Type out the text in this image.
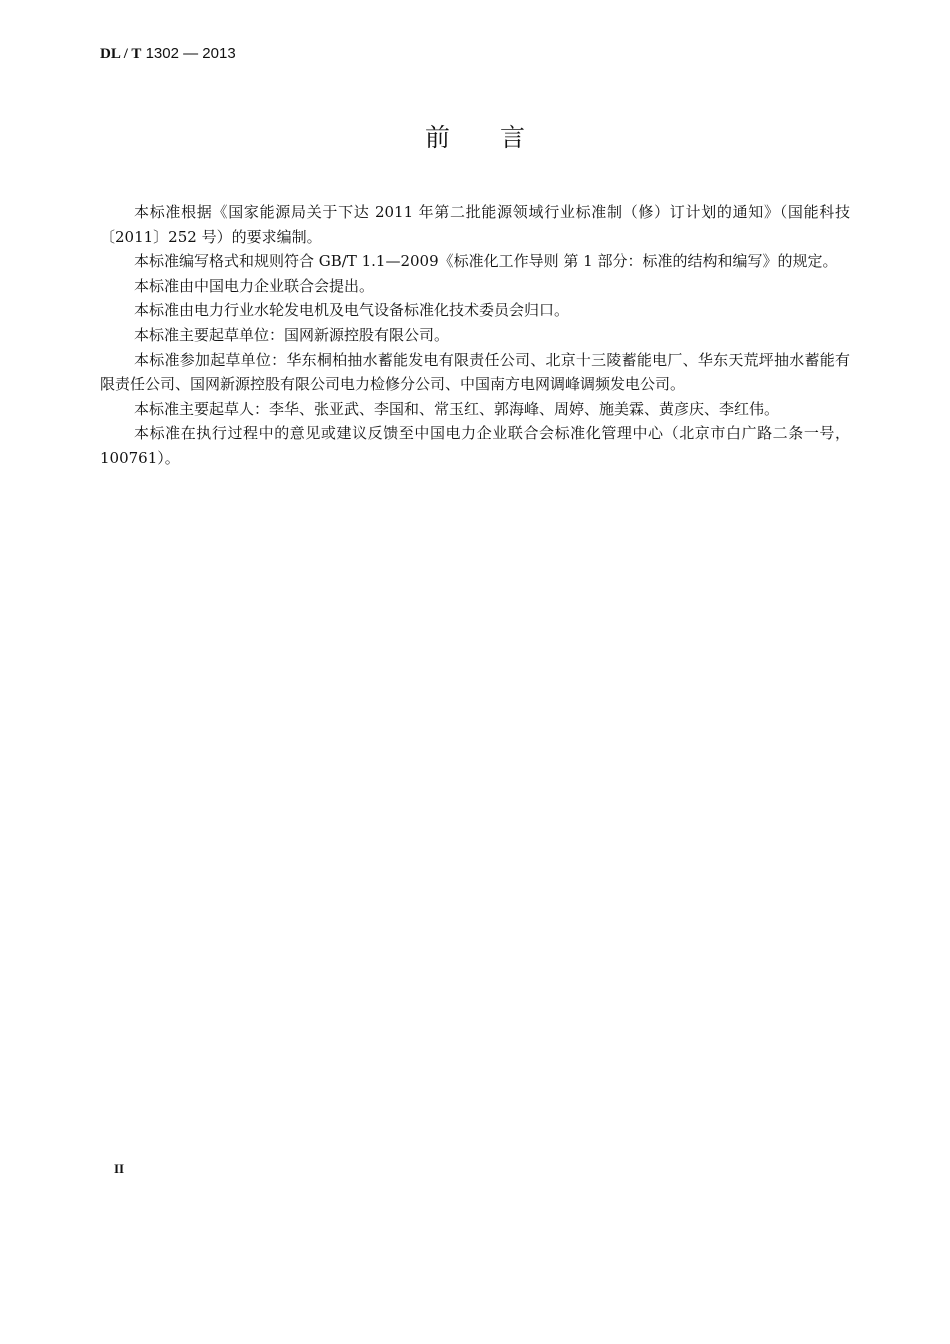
DL / T 1302 — 2013
前言

本标准根据《国家能源局关于下达 2011 年第二批能源领域行业标准制（修）订计划的通知》（国能科技〔2011〕252 号）的要求编制。

本标准编写格式和规则符合 GB/T 1.1—2009《标准化工作导则 第 1 部分：标准的结构和编写》的规定。

本标准由中国电力企业联合会提出。

本标准由电力行业水轮发电机及电气设备标准化技术委员会归口。

本标准主要起草单位：国网新源控股有限公司。

本标准参加起草单位：华东桐柏抽水蓄能发电有限责任公司、北京十三陵蓄能电厂、华东天荒坪抽水蓄能有限责任公司、国网新源控股有限公司电力检修分公司、中国南方电网调峰调频发电公司。

本标准主要起草人：李华、张亚武、李国和、常玉红、郭海峰、周婷、施美霖、黄彦庆、李红伟。

本标准在执行过程中的意见或建议反馈至中国电力企业联合会标准化管理中心（北京市白广路二条一号，100761）。

II
